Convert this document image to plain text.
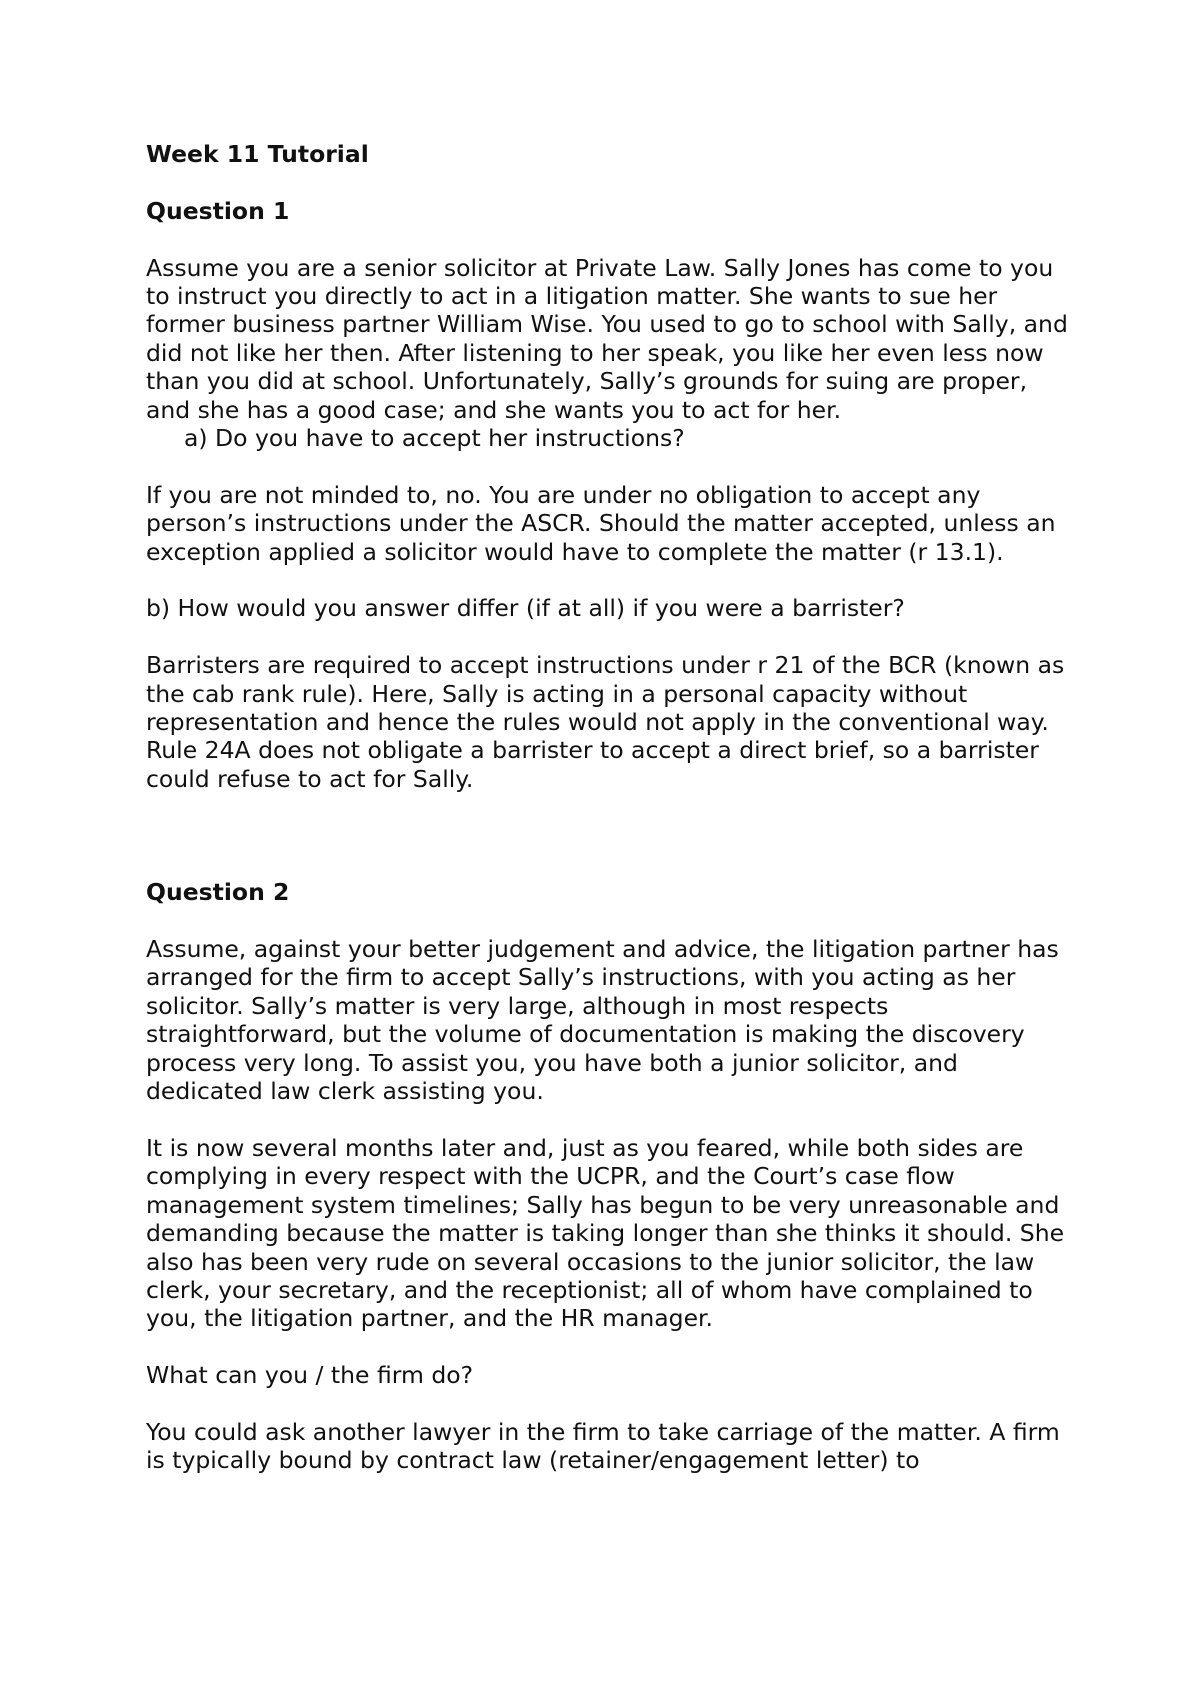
Week 11 Tutorial

Question 1

Assume you are a senior solicitor at Private Law. Sally Jones has come to you to instruct you directly to act in a litigation matter. She wants to sue her former business partner William Wise. You used to go to school with Sally, and did not like her then. After listening to her speak, you like her even less now than you did at school. Unfortunately, Sally’s grounds for suing are proper, and she has a good case; and she wants you to act for her.

a) Do you have to accept her instructions?

If you are not minded to, no. You are under no obligation to accept any person’s instructions under the ASCR. Should the matter accepted, unless an exception applied a solicitor would have to complete the matter (r 13.1).

b) How would you answer differ (if at all) if you were a barrister?

Barristers are required to accept instructions under r 21 of the BCR (known as the cab rank rule). Here, Sally is acting in a personal capacity without representation and hence the rules would not apply in the conventional way. Rule 24A does not obligate a barrister to accept a direct brief, so a barrister could refuse to act for Sally.

Question 2

Assume, against your better judgement and advice, the litigation partner has arranged for the firm to accept Sally’s instructions, with you acting as her solicitor. Sally’s matter is very large, although in most respects straightforward, but the volume of documentation is making the discovery process very long. To assist you, you have both a junior solicitor, and dedicated law clerk assisting you.

It is now several months later and, just as you feared, while both sides are complying in every respect with the UCPR, and the Court’s case flow management system timelines; Sally has begun to be very unreasonable and demanding because the matter is taking longer than she thinks it should. She also has been very rude on several occasions to the junior solicitor, the law clerk, your secretary, and the receptionist; all of whom have complained to you, the litigation partner, and the HR manager.

What can you / the firm do?

You could ask another lawyer in the firm to take carriage of the matter. A firm is typically bound by contract law (retainer/engagement letter) to
